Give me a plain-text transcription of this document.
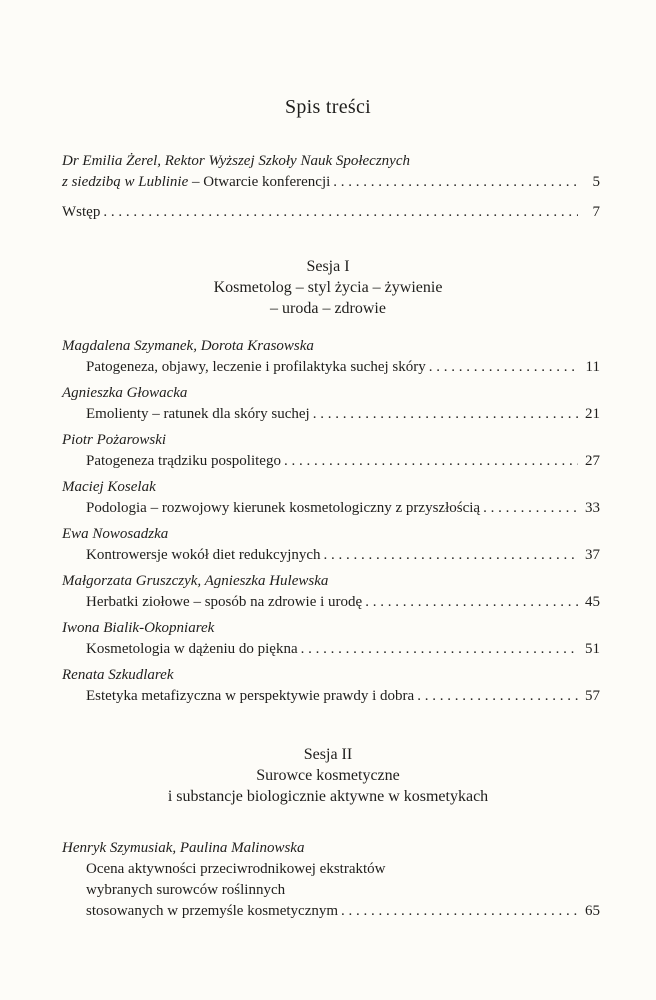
Spis treści
Dr Emilia Żerel, Rektor Wyższej Szkoły Nauk Społecznych
z siedzibą w Lublinie – Otwarcie konferencji . . .	5
Wstęp . . .	7
Sesja I
Kosmetolog – styl życia – żywienie
– uroda – zdrowie
Magdalena Szymanek, Dorota Krasowska
Patogeneza, objawy, leczenie i profilaktyka suchej skóry . . .	11
Agnieszka Głowacka
Emolienty – ratunek dla skóry suchej . . .	21
Piotr Pożarowski
Patogeneza trądziku pospolitego . . .	27
Maciej Koselak
Podologia – rozwojowy kierunek kosmetologiczny z przyszłością . . .	33
Ewa Nowosadzka
Kontrowersje wokół diet redukcyjnych . . .	37
Małgorzata Gruszczyk, Agnieszka Hulewska
Herbatki ziołowe – sposób na zdrowie i urodę . . .	45
Iwona Bialik-Okopniarek
Kosmetologia w dążeniu do piękna . . .	51
Renata Szkudlarek
Estetyka metafizyczna w perspektywie prawdy i dobra . . .	57
Sesja II
Surowce kosmetyczne
i substancje biologicznie aktywne w kosmetykach
Henryk Szymusiak, Paulina Malinowska
Ocena aktywności przeciwrodnikowej ekstraktów
wybranych surowców roślinnych
stosowanych w przemyśle kosmetycznym . . .	65
